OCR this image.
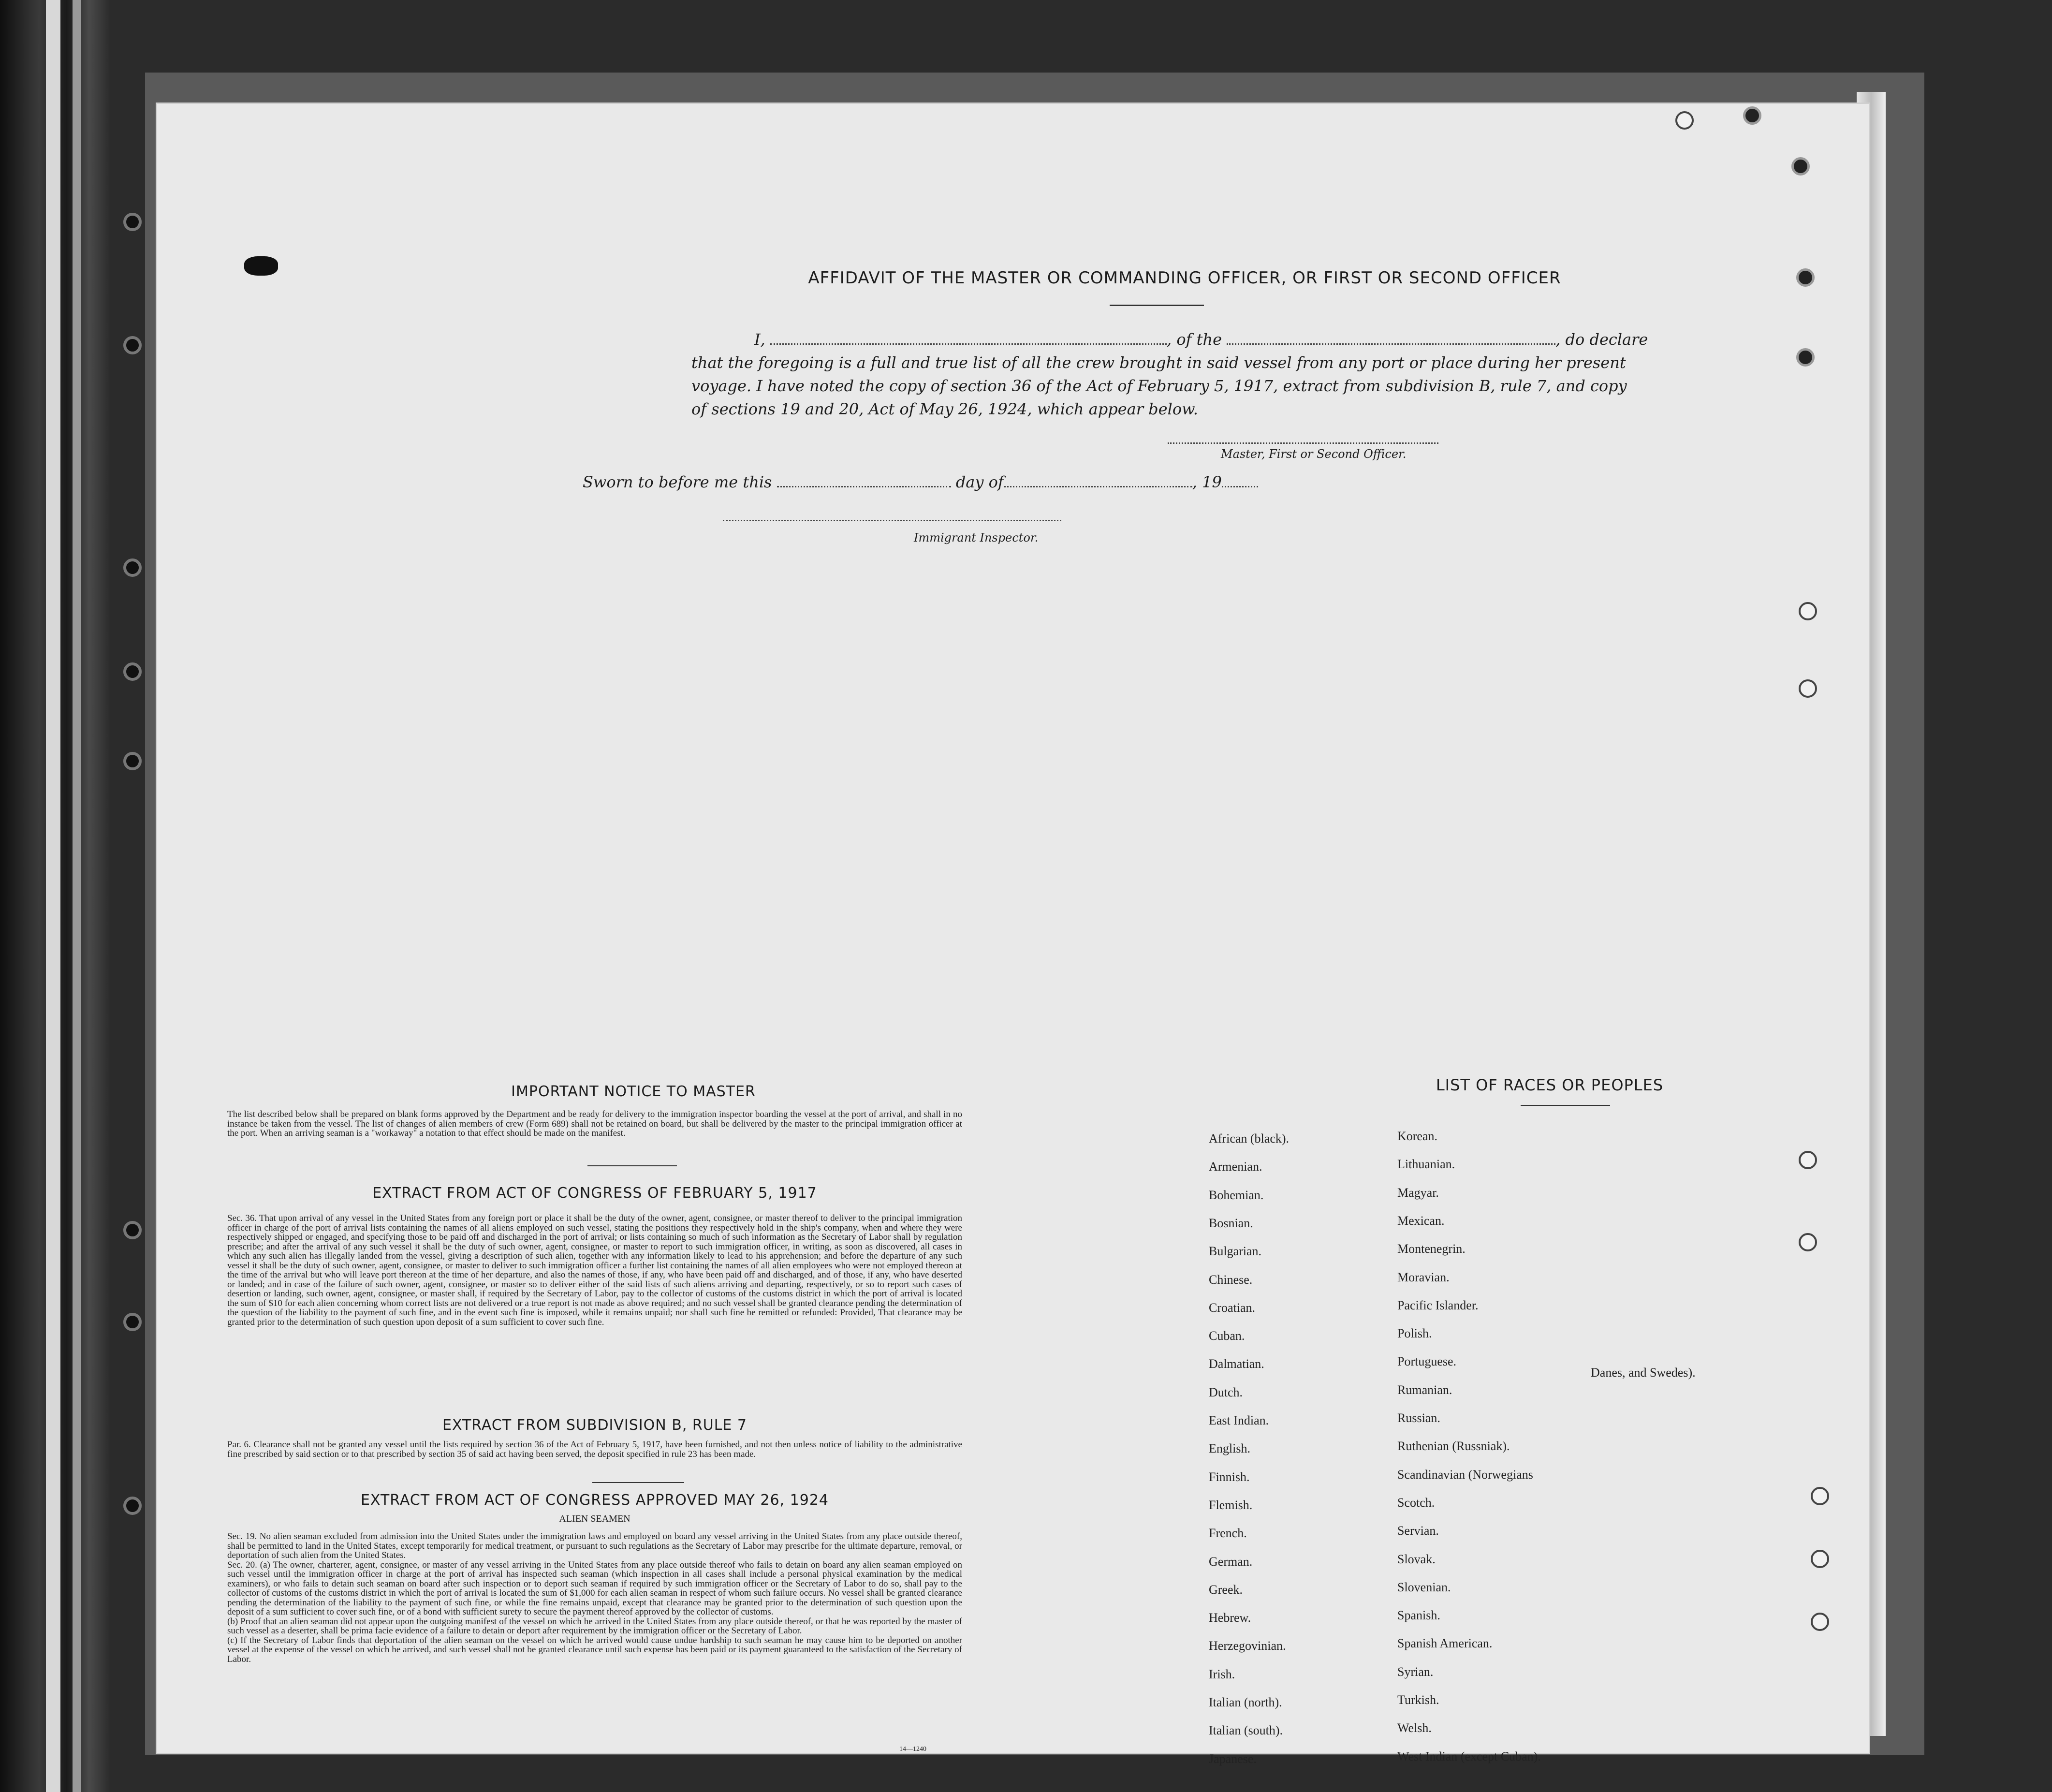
AFFIDAVIT OF THE MASTER OR COMMANDING OFFICER, OR FIRST OR SECOND OFFICER
I,	, of the	, do declare
that the foregoing is a full and true list of all the crew brought in said vessel from any port or place during her present
voyage. I have noted the copy of section 36 of the Act of February 5, 1917, extract from subdivision B, rule 7, and copy
of sections 19 and 20, Act of May 26, 1924, which appear below.
Master, First or Second Officer.
Sworn to before me this	day of	, 19
Immigrant Inspector.
IMPORTANT NOTICE TO MASTER

The list described below shall be prepared on blank forms approved by the Department and be ready for delivery to the immigration inspector boarding the vessel at the port of arrival, and shall in no instance be taken from the vessel. The list of changes of alien members of crew (Form 689) shall not be retained on board, but shall be delivered by the master to the principal immigration officer at the port. When an arriving seaman is a "workaway" a notation to that effect should be made on the manifest.

EXTRACT FROM ACT OF CONGRESS OF FEBRUARY 5, 1917

Sec. 36. That upon arrival of any vessel in the United States from any foreign port or place it shall be the duty of the owner, agent, consignee, or master thereof to deliver to the principal immigration officer in charge of the port of arrival lists containing the names of all aliens employed on such vessel, stating the positions they respectively hold in the ship's company, when and where they were respectively shipped or engaged, and specifying those to be paid off and discharged in the port of arrival; or lists containing so much of such information as the Secretary of Labor shall by regulation prescribe; and after the arrival of any such vessel it shall be the duty of such owner, agent, consignee, or master to report to such immigration officer, in writing, as soon as discovered, all cases in which any such alien has illegally landed from the vessel, giving a description of such alien, together with any information likely to lead to his apprehension; and before the departure of any such vessel it shall be the duty of such owner, agent, consignee, or master to deliver to such immigration officer a further list containing the names of all alien employees who were not employed thereon at the time of the arrival but who will leave port thereon at the time of her departure, and also the names of those, if any, who have been paid off and discharged, and of those, if any, who have deserted or landed; and in case of the failure of such owner, agent, consignee, or master so to deliver either of the said lists of such aliens arriving and departing, respectively, or so to report such cases of desertion or landing, such owner, agent, consignee, or master shall, if required by the Secretary of Labor, pay to the collector of customs of the customs district in which the port of arrival is located the sum of $10 for each alien concerning whom correct lists are not delivered or a true report is not made as above required; and no such vessel shall be granted clearance pending the determination of the question of the liability to the payment of such fine, and in the event such fine is imposed, while it remains unpaid; nor shall such fine be remitted or refunded: Provided, That clearance may be granted prior to the determination of such question upon deposit of a sum sufficient to cover such fine.

EXTRACT FROM SUBDIVISION B, RULE 7

Par. 6. Clearance shall not be granted any vessel until the lists required by section 36 of the Act of February 5, 1917, have been furnished, and not then unless notice of liability to the administrative fine prescribed by said section or to that prescribed by section 35 of said act having been served, the deposit specified in rule 23 has been made.

EXTRACT FROM ACT OF CONGRESS APPROVED MAY 26, 1924
ALIEN SEAMEN

Sec. 19. No alien seaman excluded from admission into the United States under the immigration laws and employed on board any vessel arriving in the United States from any place outside thereof, shall be permitted to land in the United States, except temporarily for medical treatment, or pursuant to such regulations as the Secretary of Labor may prescribe for the ultimate departure, removal, or deportation of such alien from the United States.

Sec. 20. (a) The owner, charterer, agent, consignee, or master of any vessel arriving in the United States from any place outside thereof who fails to detain on board any alien seaman employed on such vessel until the immigration officer in charge at the port of arrival has inspected such seaman (which inspection in all cases shall include a personal physical examination by the medical examiners), or who fails to detain such seaman on board after such inspection or to deport such seaman if required by such immigration officer or the Secretary of Labor to do so, shall pay to the collector of customs of the customs district in which the port of arrival is located the sum of $1,000 for each alien seaman in respect of whom such failure occurs. No vessel shall be granted clearance pending the determination of the liability to the payment of such fine, or while the fine remains unpaid, except that clearance may be granted prior to the determination of such question upon the deposit of a sum sufficient to cover such fine, or of a bond with sufficient surety to secure the payment thereof approved by the collector of customs.

(b) Proof that an alien seaman did not appear upon the outgoing manifest of the vessel on which he arrived in the United States from any place outside thereof, or that he was reported by the master of such vessel as a deserter, shall be prima facie evidence of a failure to detain or deport after requirement by the immigration officer or the Secretary of Labor.

(c) If the Secretary of Labor finds that deportation of the alien seaman on the vessel on which he arrived would cause undue hardship to such seaman he may cause him to be deported on another vessel at the expense of the vessel on which he arrived, and such vessel shall not be granted clearance until such expense has been paid or its payment guaranteed to the satisfaction of the Secretary of Labor.

14—1240
LIST OF RACES OR PEOPLES
African (black).
Armenian.
Bohemian.
Bosnian.
Bulgarian.
Chinese.
Croatian.
Cuban.
Dalmatian.
Dutch.
East Indian.
English.
Finnish.
Flemish.
French.
German.
Greek.
Hebrew.
Herzegovinian.
Irish.
Italian (north).
Italian (south).
Japanese.
Korean.
Lithuanian.
Magyar.
Mexican.
Montenegrin.
Moravian.
Pacific Islander.
Polish.
Portuguese.
Rumanian.
Russian.
Ruthenian (Russniak).
Scandinavian (Norwegians
Scotch.
Servian.
Slovak.
Slovenian.
Spanish.
Spanish American.
Syrian.
Turkish.
Welsh.
West Indian (except Cuban).
Danes, and Swedes).
